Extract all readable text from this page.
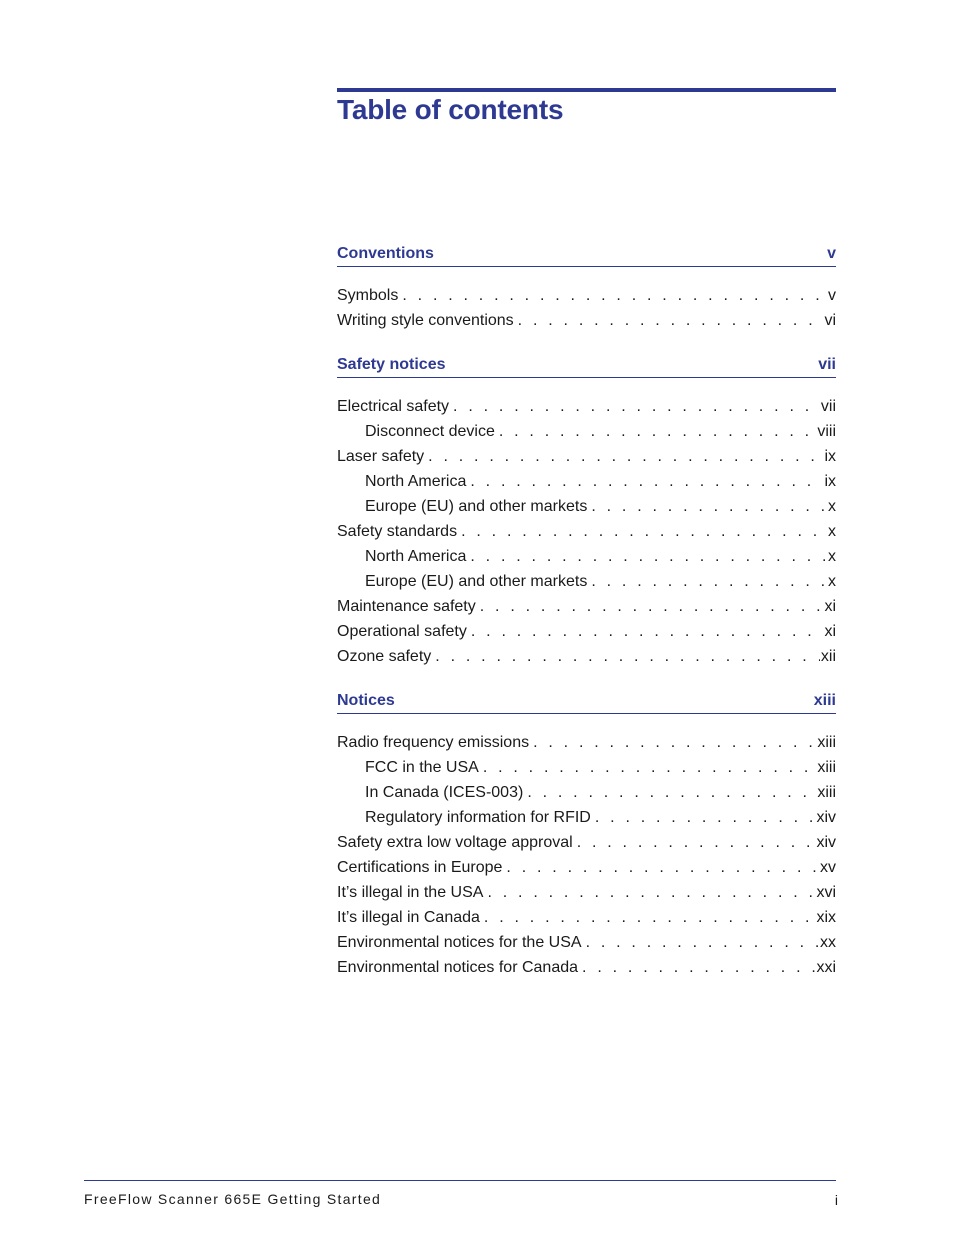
Table of contents
Conventions	v
Symbols . . .	v
Writing style conventions . . .	vi
Safety notices	vii
Electrical safety . . .	vii
Disconnect device . . .	viii
Laser safety . . .	ix
North America . . .	ix
Europe (EU) and other markets . . .	x
Safety standards . . .	x
North America . . .	x
Europe (EU) and other markets . . .	x
Maintenance safety . . .	xi
Operational safety . . .	xi
Ozone safety . . .	xii
Notices	xiii
Radio frequency emissions . . .	xiii
FCC in the USA . . .	xiii
In Canada (ICES-003) . . .	xiii
Regulatory information for RFID . . .	xiv
Safety extra low voltage approval . . .	xiv
Certifications in Europe . . .	xv
It’s illegal in the USA . . .	xvi
It’s illegal in Canada . . .	xix
Environmental notices for the USA . . .	xx
Environmental notices for Canada . . .	xxi
FreeFlow Scanner 665E Getting Started	i
